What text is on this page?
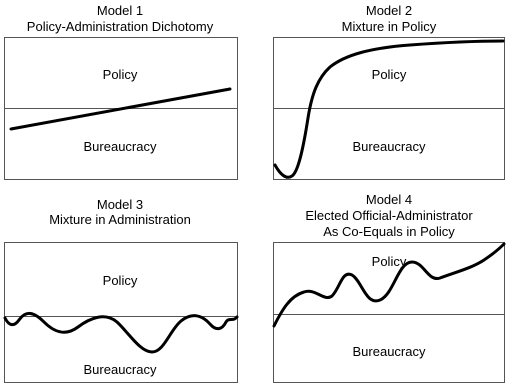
Model 1
Policy-Administration Dichotomy
Policy
Bureaucracy
Model 2
Mixture in Policy
Policy
Bureaucracy
Model 3
Mixture in Administration
Policy
Bureaucracy
Model 4
Elected Official-Administrator
As Co-Equals in Policy
Policy
Bureaucracy
